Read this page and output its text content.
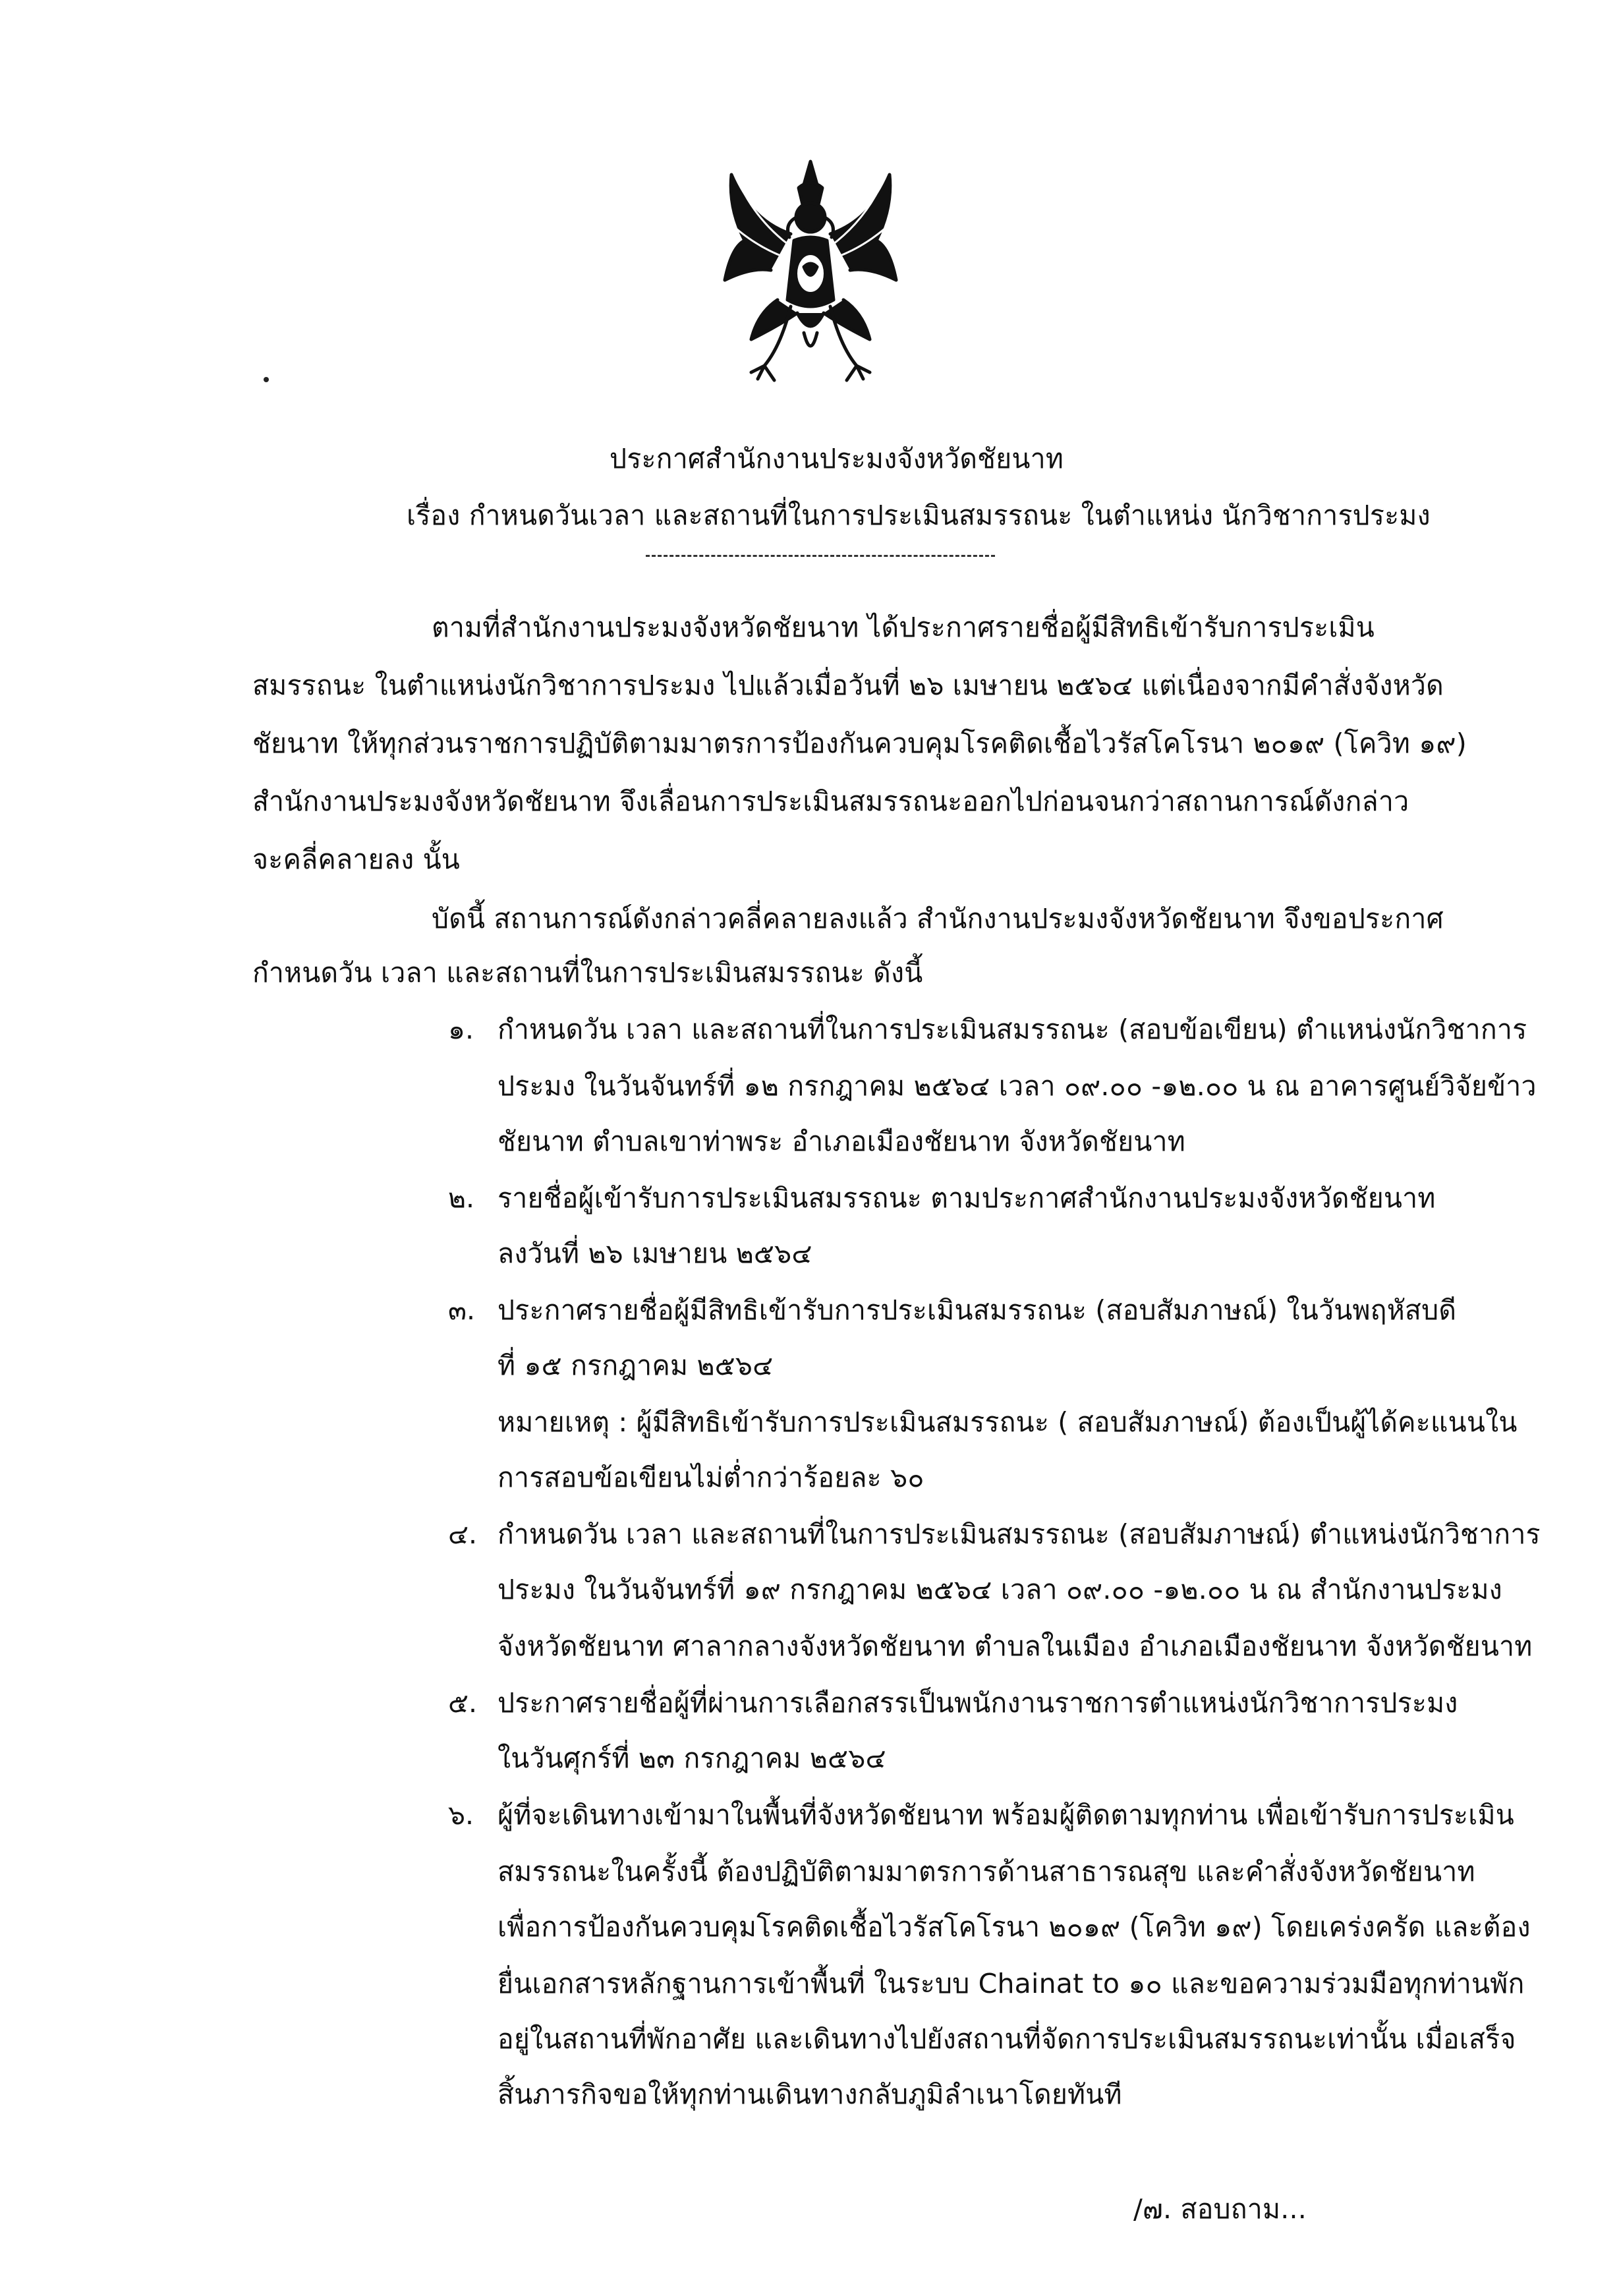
ประกาศสำนักงานประมงจังหวัดชัยนาท
เรื่อง กำหนดวันเวลา และสถานที่ในการประเมินสมรรถนะ ในตำแหน่ง นักวิชาการประมง
ตามที่สำนักงานประมงจังหวัดชัยนาท ได้ประกาศรายชื่อผู้มีสิทธิเข้ารับการประเมิน
สมรรถนะ ในตำแหน่งนักวิชาการประมง ไปแล้วเมื่อวันที่ ๒๖ เมษายน ๒๕๖๔ แต่เนื่องจากมีคำสั่งจังหวัด
ชัยนาท ให้ทุกส่วนราชการปฏิบัติตามมาตรการป้องกันควบคุมโรคติดเชื้อไวรัสโคโรนา ๒๐๑๙ (โควิท ๑๙)
สำนักงานประมงจังหวัดชัยนาท จึงเลื่อนการประเมินสมรรถนะออกไปก่อนจนกว่าสถานการณ์ดังกล่าว
จะคลี่คลายลง นั้น
บัดนี้ สถานการณ์ดังกล่าวคลี่คลายลงแล้ว สำนักงานประมงจังหวัดชัยนาท จึงขอประกาศ
กำหนดวัน เวลา และสถานที่ในการประเมินสมรรถนะ ดังนี้
๑. กำหนดวัน เวลา และสถานที่ในการประเมินสมรรถนะ (สอบข้อเขียน) ตำแหน่งนักวิชาการ
ประมง ในวันจันทร์ที่ ๑๒ กรกฎาคม ๒๕๖๔ เวลา ๐๙.๐๐ -๑๒.๐๐ น ณ อาคารศูนย์วิจัยข้าว
ชัยนาท ตำบลเขาท่าพระ อำเภอเมืองชัยนาท จังหวัดชัยนาท
๒. รายชื่อผู้เข้ารับการประเมินสมรรถนะ ตามประกาศสำนักงานประมงจังหวัดชัยนาท
ลงวันที่ ๒๖ เมษายน ๒๕๖๔
๓. ประกาศรายชื่อผู้มีสิทธิเข้ารับการประเมินสมรรถนะ (สอบสัมภาษณ์) ในวันพฤหัสบดี
ที่ ๑๕ กรกฎาคม ๒๕๖๔
หมายเหตุ : ผู้มีสิทธิเข้ารับการประเมินสมรรถนะ ( สอบสัมภาษณ์) ต้องเป็นผู้ได้คะแนนใน
การสอบข้อเขียนไม่ต่ำกว่าร้อยละ ๖๐
๔. กำหนดวัน เวลา และสถานที่ในการประเมินสมรรถนะ (สอบสัมภาษณ์) ตำแหน่งนักวิชาการ
ประมง ในวันจันทร์ที่ ๑๙ กรกฎาคม ๒๕๖๔ เวลา ๐๙.๐๐ -๑๒.๐๐ น ณ สำนักงานประมง
จังหวัดชัยนาท ศาลากลางจังหวัดชัยนาท ตำบลในเมือง อำเภอเมืองชัยนาท จังหวัดชัยนาท
๕. ประกาศรายชื่อผู้ที่ผ่านการเลือกสรรเป็นพนักงานราชการตำแหน่งนักวิชาการประมง
ในวันศุกร์ที่ ๒๓ กรกฎาคม ๒๕๖๔
๖. ผู้ที่จะเดินทางเข้ามาในพื้นที่จังหวัดชัยนาท พร้อมผู้ติดตามทุกท่าน เพื่อเข้ารับการประเมิน
สมรรถนะในครั้งนี้ ต้องปฏิบัติตามมาตรการด้านสาธารณสุข และคำสั่งจังหวัดชัยนาท
เพื่อการป้องกันควบคุมโรคติดเชื้อไวรัสโคโรนา ๒๐๑๙ (โควิท ๑๙) โดยเคร่งครัด และต้อง
ยื่นเอกสารหลักฐานการเข้าพื้นที่ ในระบบ Chainat to ๑๐ และขอความร่วมมือทุกท่านพัก
อยู่ในสถานที่พักอาศัย และเดินทางไปยังสถานที่จัดการประเมินสมรรถนะเท่านั้น เมื่อเสร็จ
สิ้นภารกิจขอให้ทุกท่านเดินทางกลับภูมิลำเนาโดยทันที
/๗. สอบถาม...
